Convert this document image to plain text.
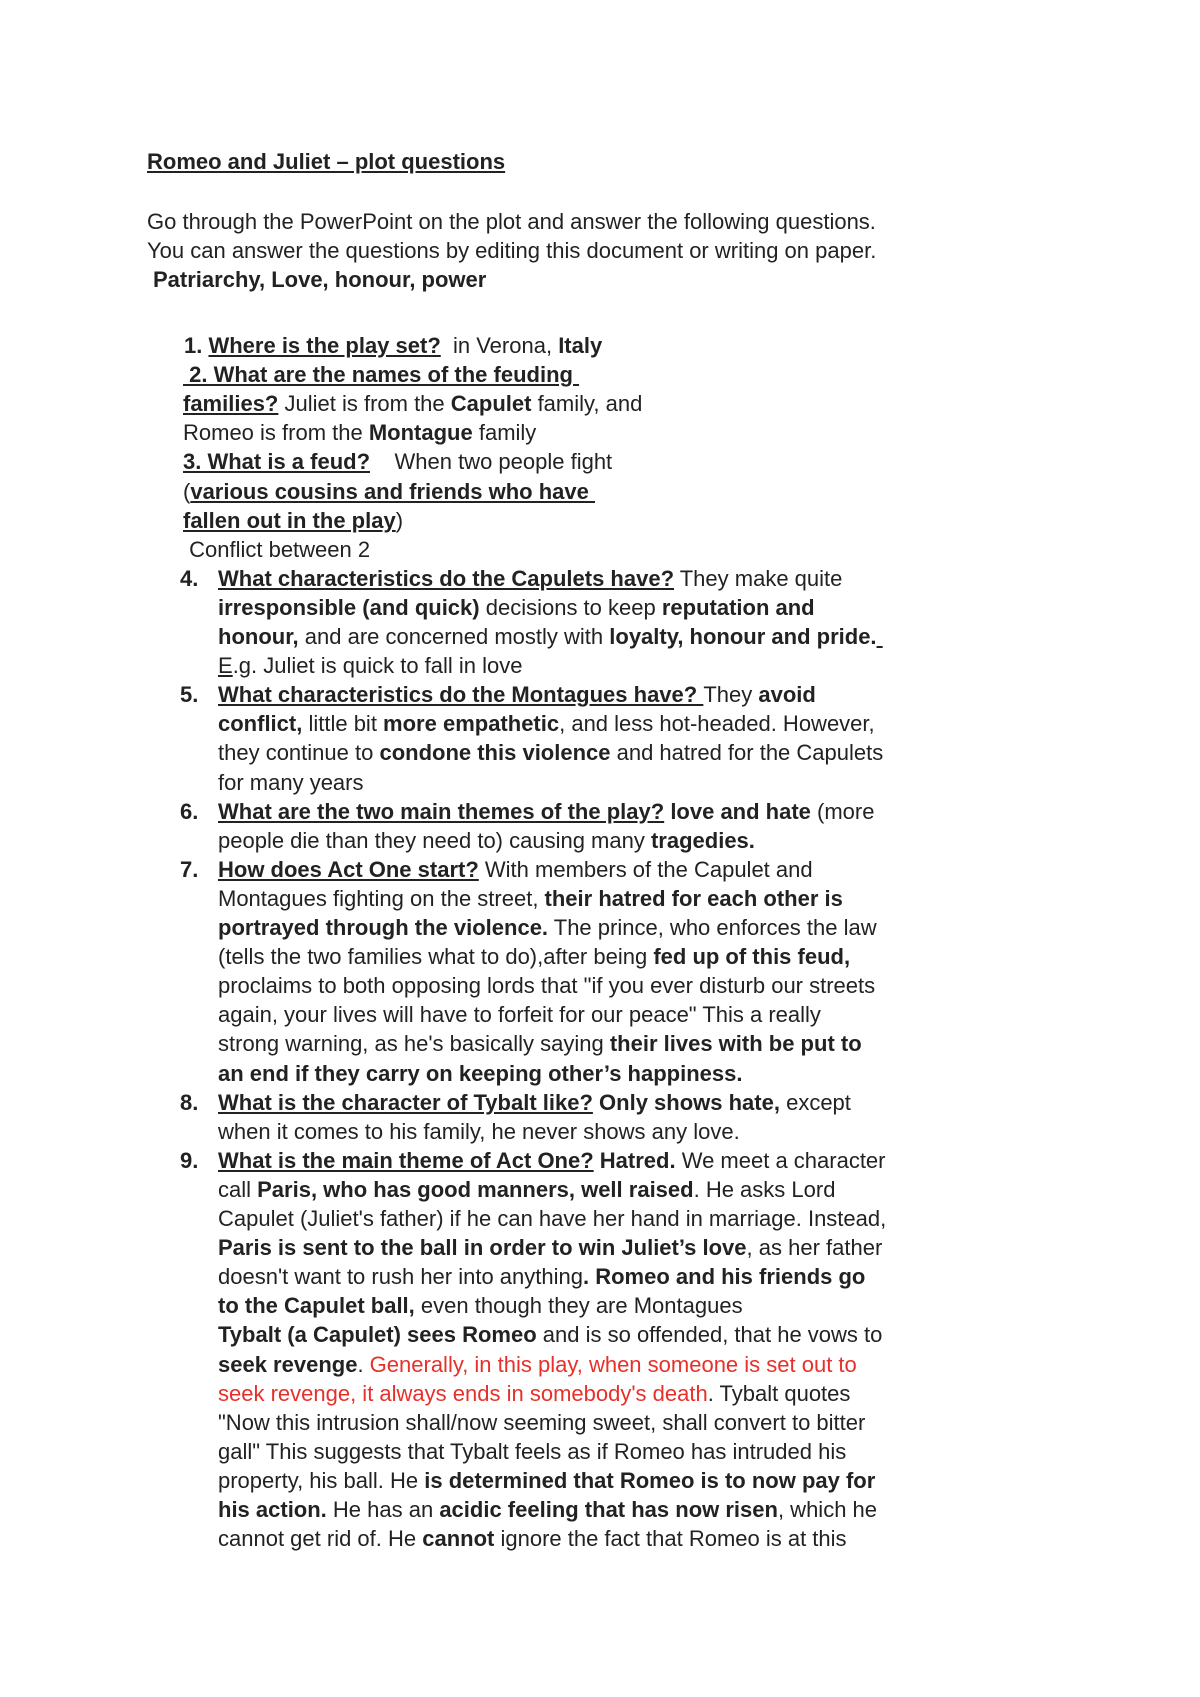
Romeo and Juliet – plot questions
Go through the PowerPoint on the plot and answer the following questions.
You can answer the questions by editing this document or writing on paper.
Patriarchy, Love, honour, power
1. Where is the play set?  in Verona, Italy
2. What are the names of the feuding
families? Juliet is from the Capulet family, and
Romeo is from the Montague family
3. What is a feud?    When two people fight
(various cousins and friends who have
fallen out in the play)
Conflict between 2
4. What characteristics do the Capulets have? They make quite
irresponsible (and quick) decisions to keep reputation and
honour, and are concerned mostly with loyalty, honour and pride.
E.g. Juliet is quick to fall in love
5. What characteristics do the Montagues have? They avoid
conflict, little bit more empathetic, and less hot-headed. However,
they continue to condone this violence and hatred for the Capulets
for many years
6. What are the two main themes of the play? love and hate (more
people die than they need to) causing many tragedies.
7. How does Act One start? With members of the Capulet and
Montagues fighting on the street, their hatred for each other is
portrayed through the violence. The prince, who enforces the law
(tells the two families what to do),after being fed up of this feud,
proclaims to both opposing lords that "if you ever disturb our streets
again, your lives will have to forfeit for our peace" This a really
strong warning, as he's basically saying their lives with be put to
an end if they carry on keeping other’s happiness.
8. What is the character of Tybalt like? Only shows hate, except
when it comes to his family, he never shows any love.
9. What is the main theme of Act One? Hatred. We meet a character
call Paris, who has good manners, well raised. He asks Lord
Capulet (Juliet's father) if he can have her hand in marriage. Instead,
Paris is sent to the ball in order to win Juliet’s love, as her father
doesn't want to rush her into anything. Romeo and his friends go
to the Capulet ball, even though they are Montagues
Tybalt (a Capulet) sees Romeo and is so offended, that he vows to
seek revenge. Generally, in this play, when someone is set out to
seek revenge, it always ends in somebody's death. Tybalt quotes
"Now this intrusion shall/now seeming sweet, shall convert to bitter
gall" This suggests that Tybalt feels as if Romeo has intruded his
property, his ball. He is determined that Romeo is to now pay for
his action. He has an acidic feeling that has now risen, which he
cannot get rid of. He cannot ignore the fact that Romeo is at this
